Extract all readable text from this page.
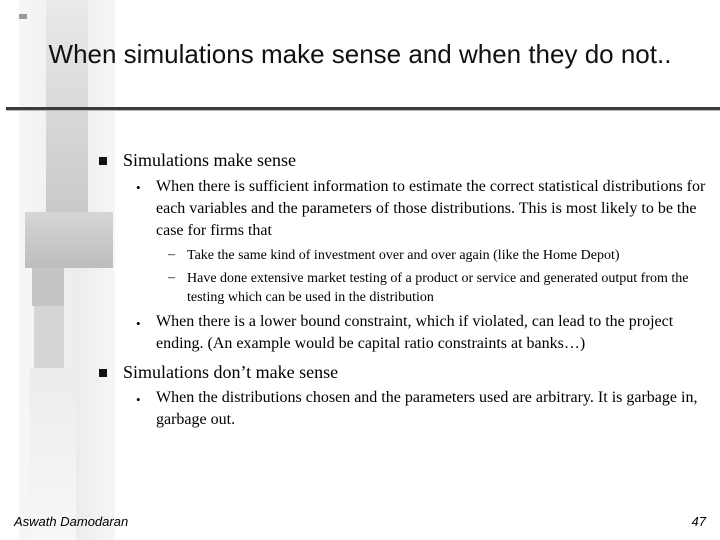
When simulations make sense and when they do not..
Simulations make sense
• When there is sufficient information to estimate the correct statistical distributions for each variables and the parameters of those distributions. This is most likely to be the case for firms that
– Take the same kind of investment over and over again (like the Home Depot)
– Have done extensive market testing of a product or service and generated output from the testing which can be used in the distribution
• When there is a lower bound constraint, which if violated, can lead to the project ending. (An example would be capital ratio constraints at banks…)
Simulations don’t make sense
• When the distributions chosen and the parameters used are arbitrary. It is garbage in, garbage out.
Aswath Damodaran	47
